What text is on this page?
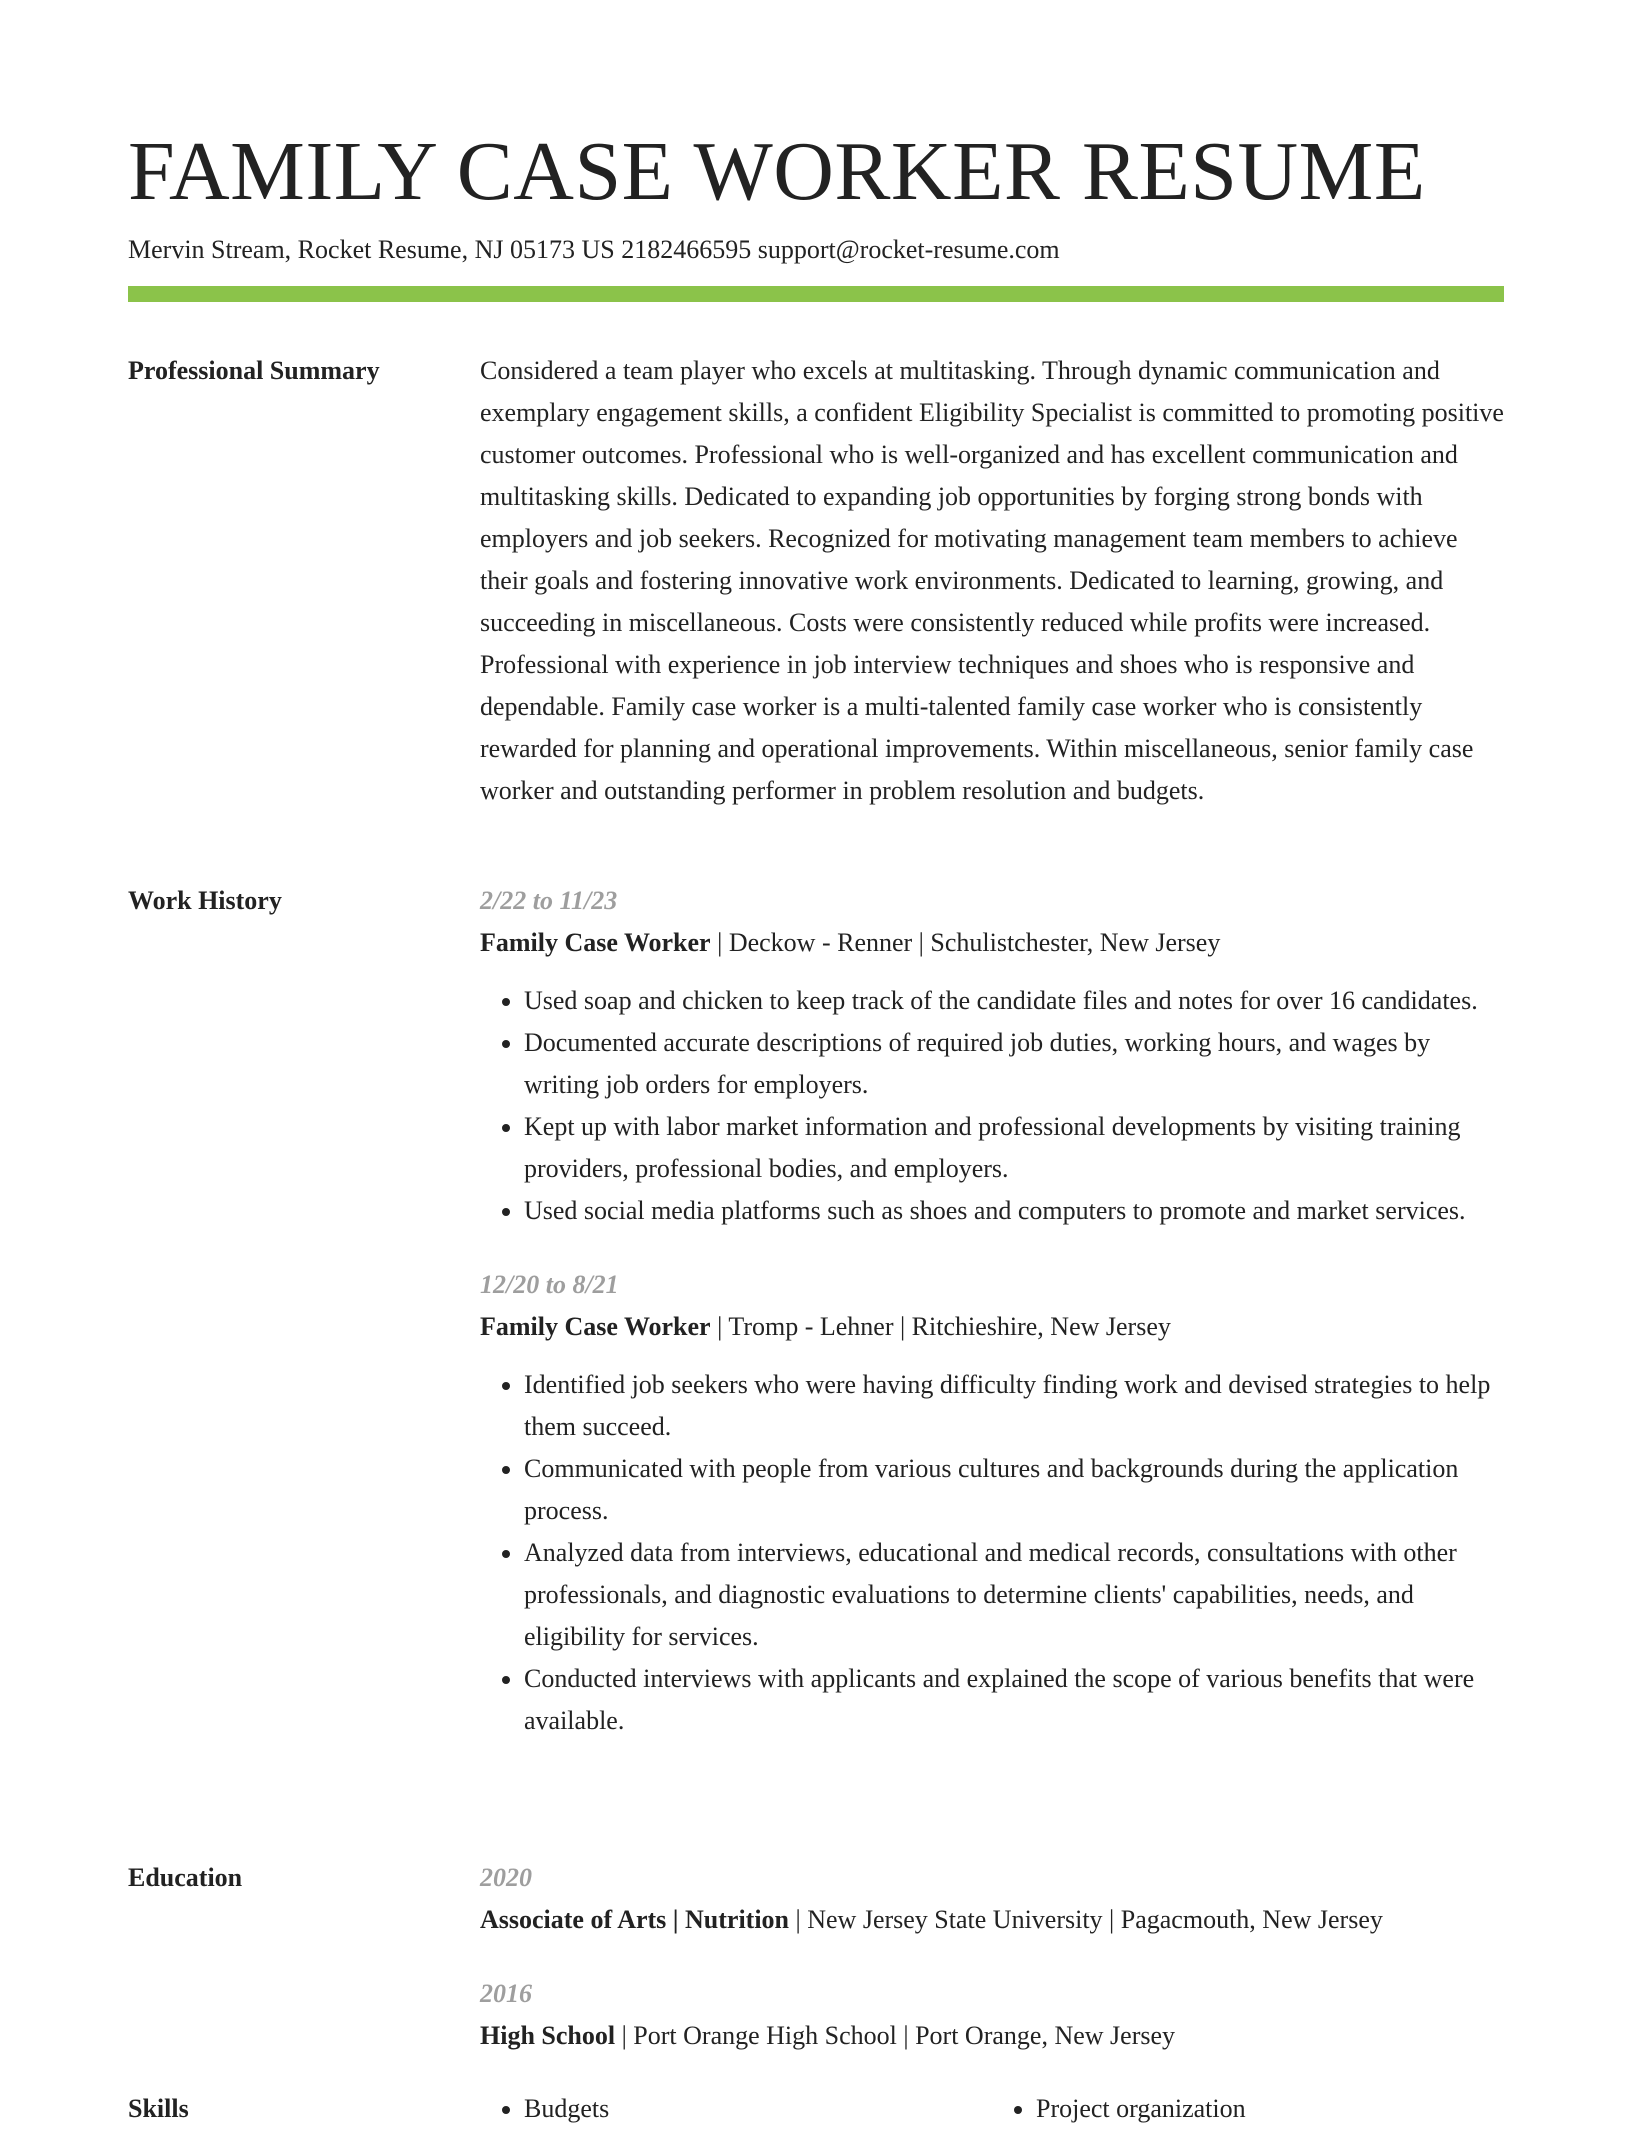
FAMILY CASE WORKER RESUME
Mervin Stream, Rocket Resume, NJ 05173 US 2182466595 support@rocket-resume.com
Professional Summary	Considered a team player who excels at multitasking. Through dynamic communication and exemplary engagement skills, a confident Eligibility Specialist is committed to promoting positive customer outcomes. Professional who is well-organized and has excellent communication and multitasking skills. Dedicated to expanding job opportunities by forging strong bonds with employers and job seekers. Recognized for motivating management team members to achieve their goals and fostering innovative work environments. Dedicated to learning, growing, and succeeding in miscellaneous. Costs were consistently reduced while profits were increased. Professional with experience in job interview techniques and shoes who is responsive and dependable. Family case worker is a multi-talented family case worker who is consistently rewarded for planning and operational improvements. Within miscellaneous, senior family case worker and outstanding performer in problem resolution and budgets.

Work History	2/22 to 11/23
Family Case Worker | Deckow - Renner | Schulistchester, New Jersey
• Used soap and chicken to keep track of the candidate files and notes for over 16 candidates.
• Documented accurate descriptions of required job duties, working hours, and wages by writing job orders for employers.
• Kept up with labor market information and professional developments by visiting training providers, professional bodies, and employers.
• Used social media platforms such as shoes and computers to promote and market services.
12/20 to 8/21
Family Case Worker | Tromp - Lehner | Ritchieshire, New Jersey
• Identified job seekers who were having difficulty finding work and devised strategies to help them succeed.
• Communicated with people from various cultures and backgrounds during the application process.
• Analyzed data from interviews, educational and medical records, consultations with other professionals, and diagnostic evaluations to determine clients' capabilities, needs, and eligibility for services.
• Conducted interviews with applicants and explained the scope of various benefits that were available.
Education	2020
Associate of Arts | Nutrition | New Jersey State University | Pagacmouth, New Jersey
2016
High School | Port Orange High School | Port Orange, New Jersey
Skills	• Budgets	• Project organization
